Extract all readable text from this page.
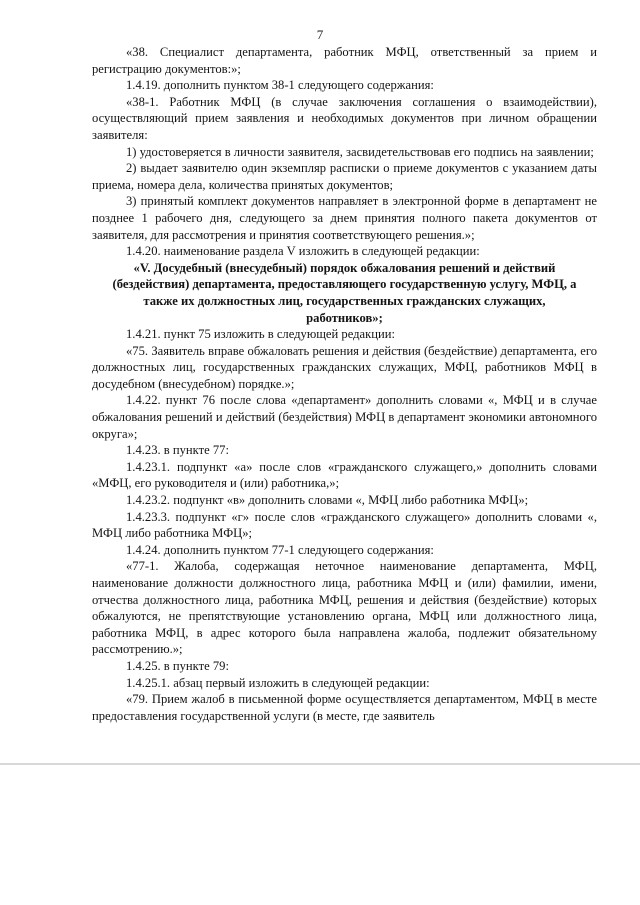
7

«38. Специалист департамента, работник МФЦ, ответственный за прием и регистрацию документов:»;

1.4.19. дополнить пунктом 38-1 следующего содержания:

«38-1. Работник МФЦ (в случае заключения соглашения о взаимодействии), осуществляющий прием заявления и необходимых документов при личном обращении заявителя:

1) удостоверяется в личности заявителя, засвидетельствовав его подпись на заявлении;

2) выдает заявителю один экземпляр расписки о приеме документов с указанием даты приема, номера дела, количества принятых документов;

3) принятый комплект документов направляет в электронной форме в департамент не позднее 1 рабочего дня, следующего за днем принятия полного пакета документов от заявителя, для рассмотрения и принятия соответствующего решения.»;

1.4.20. наименование раздела V изложить в следующей редакции:

«V. Досудебный (внесудебный) порядок обжалования решений и действий (бездействия) департамента, предоставляющего государственную услугу, МФЦ, а также их должностных лиц, государственных гражданских служащих, работников»;

1.4.21. пункт 75 изложить в следующей редакции:

«75. Заявитель вправе обжаловать решения и действия (бездействие) департамента, его должностных лиц, государственных гражданских служащих, МФЦ, работников МФЦ в досудебном (внесудебном) порядке.»;

1.4.22. пункт 76 после слова «департамент» дополнить словами «, МФЦ и в случае обжалования решений и действий (бездействия) МФЦ в департамент экономики автономного округа»;

1.4.23. в пункте 77:

1.4.23.1. подпункт «а» после слов «гражданского служащего,» дополнить словами «МФЦ, его руководителя и (или) работника,»;

1.4.23.2. подпункт «в» дополнить словами «, МФЦ либо работника МФЦ»;

1.4.23.3. подпункт «г» после слов «гражданского служащего» дополнить словами «, МФЦ либо работника МФЦ»;

1.4.24. дополнить пунктом 77-1 следующего содержания:

«77-1. Жалоба, содержащая неточное наименование департамента, МФЦ, наименование должности должностного лица, работника МФЦ и (или) фамилии, имени, отчества должностного лица, работника МФЦ, решения и действия (бездействие) которых обжалуются, не препятствующие установлению органа, МФЦ или должностного лица, работника МФЦ, в адрес которого была направлена жалоба, подлежит обязательному рассмотрению.»;

1.4.25. в пункте 79:

1.4.25.1. абзац первый изложить в следующей редакции:

«79. Прием жалоб в письменной форме осуществляется департаментом, МФЦ в месте предоставления государственной услуги (в месте, где заявитель
